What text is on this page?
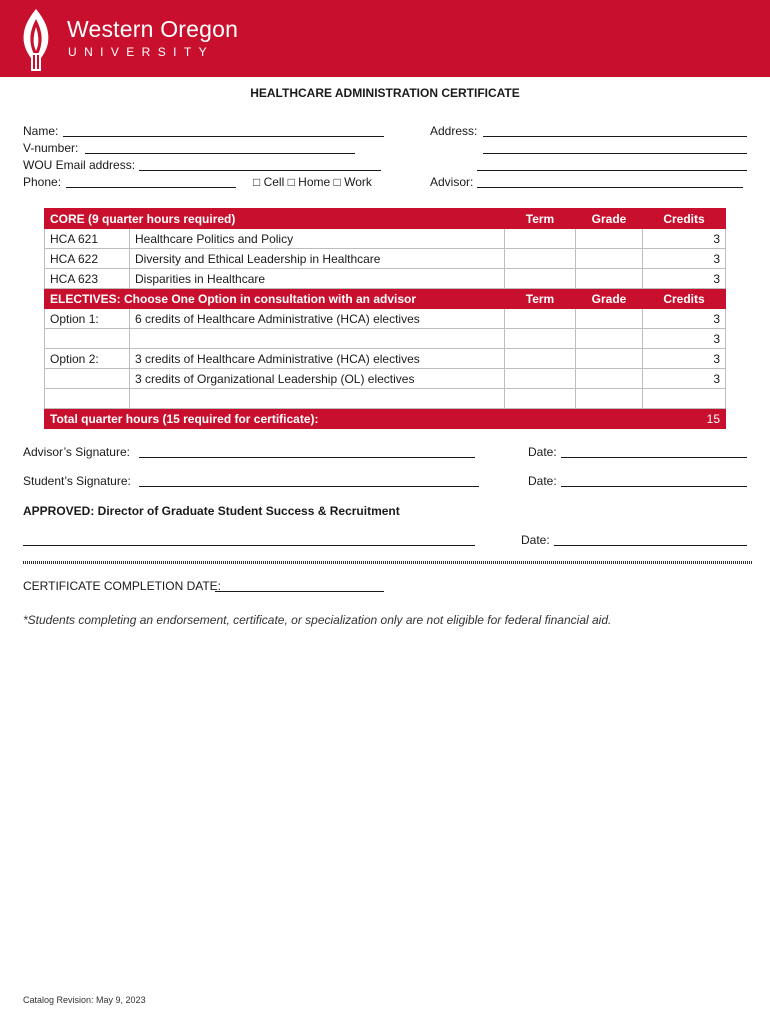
Western Oregon
UNIVERSITY
HEALTHCARE ADMINISTRATION CERTIFICATE
Name:	Address:
V-number:
WOU Email address:
Phone:	□ Cell □ Home □ Work	Advisor:
CORE (9 quarter hours required)		Term	Grade	Credits
HCA 621	Healthcare Politics and Policy			3
HCA 622	Diversity and Ethical Leadership in Healthcare			3
HCA 623	Disparities in Healthcare			3
ELECTIVES: Choose One Option in consultation with an advisor		Term	Grade	Credits
Option 1:	6 credits of Healthcare Administrative (HCA) electives			3
				3
Option 2:	3 credits of Healthcare Administrative (HCA) electives			3
	3 credits of Organizational Leadership (OL) electives			3

Total quarter hours (15 required for certificate):				15
Advisor’s Signature:	Date:
Student’s Signature:	Date:
APPROVED: Director of Graduate Student Success & Recruitment
Date:
CERTIFICATE COMPLETION DATE:
*Students completing an endorsement, certificate, or specialization only are not eligible for federal financial aid.
Catalog Revision: May 9, 2023
